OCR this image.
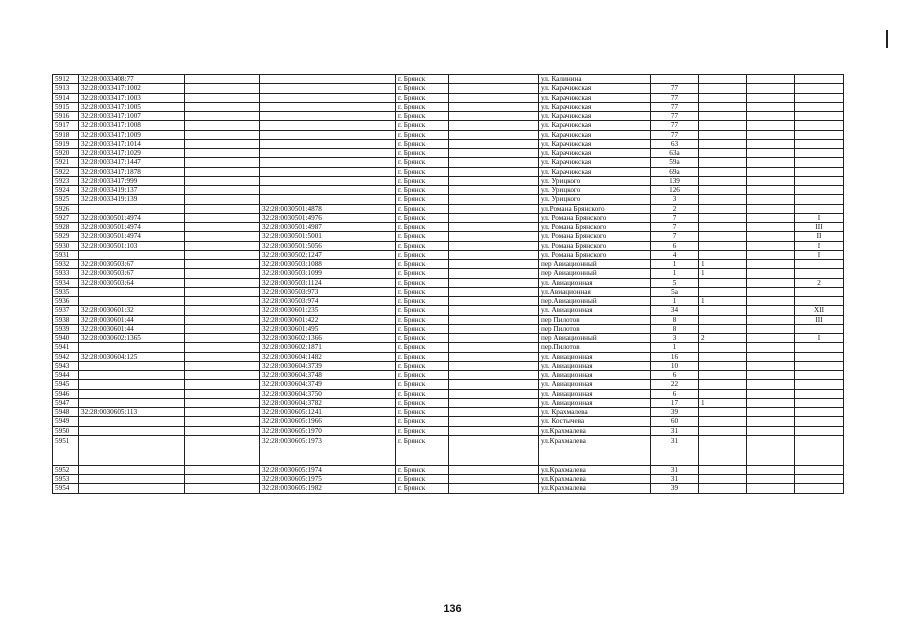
5912	32:28:0033408:77			г. Брянск		ул. Калинина				
5913	32:28:0033417:1002			г. Брянск		ул. Карачижская	77			
5914	32:28:0033417:1003			г. Брянск		ул. Карачижская	77			
5915	32:28:0033417:1005			г. Брянск		ул. Карачижская	77			
5916	32:28:0033417:1007			г. Брянск		ул. Карачижская	77			
5917	32:28:0033417:1008			г. Брянск		ул. Карачижская	77			
5918	32:28:0033417:1009			г. Брянск		ул. Карачижская	77			
5919	32:28:0033417:1014			г. Брянск		ул. Карачижская	63			
5920	32:28:0033417:1029			г. Брянск		ул. Карачижская	63а			
5921	32:28:0033417:1447			г. Брянск		ул. Карачижская	59а			
5922	32:28:0033417:1878			г. Брянск		ул. Карачижская	69а			
5923	32:28:0033417:999			г. Брянск		ул. Урицкого	139			
5924	32:28:0033419:137			г. Брянск		ул. Урицкого	126			
5925	32:28:0033419:139			г. Брянск		ул. Урицкого	3			
5926			32:28:0030501:4878	г. Брянск		ул.Романа Брянского	2			
5927	32:28:0030501:4974		32:28:0030501:4976	г. Брянск		ул. Романа Брянского	7			I
5928	32:28:0030501:4974		32:28:0030501:4987	г. Брянск		ул. Романа Брянского	7			III
5929	32:28:0030501:4974		32:28:0030501:5001	г. Брянск		ул. Романа Брянского	7			II
5930	32:28:0030501:103		32:28:0030501:5056	г. Брянск		ул. Романа Брянского	6			I
5931			32:28:0030502:1247	г. Брянск		ул. Романа Брянского	4			I
5932	32:28:0030503:67		32:28:0030503:1088	г. Брянск		пер Авиационный	1	1		
5933	32:28:0030503:67		32:28:0030503:1099	г. Брянск		пер Авиационный	1	1		
5934	32:28:0030503:64		32:28:0030503:1124	г. Брянск		ул. Авиационная	5			2
5935			32:28:0030503:973	г. Брянск		ул.Авиационная	5а			
5936			32:28:0030503:974	г. Брянск		пер.Авиационный	1	1		
5937	32:28:0030601:32		32:28:0030601:235	г. Брянск		ул. Авиационная	34			XII
5938	32:28:0030601:44		32:28:0030601:422	г. Брянск		пер Пилотов	8			III
5939	32:28:0030601:44		32:28:0030601:495	г. Брянск		пер Пилотов	8			
5940	32:28:0030602:1365		32:28:0030602:1366	г. Брянск		пер Авиационный	3	2		I
5941			32:28:0030602:1871	г. Брянск		пер.Пилотов	1			
5942	32:28:0030604:125		32:28:0030604:1482	г. Брянск		ул. Авиационная	16			
5943			32:28:0030604:3739	г. Брянск		ул. Авиационная	10			
5944			32:28:0030604:3748	г. Брянск		ул. Авиационная	6			
5945			32:28:0030604:3749	г. Брянск		ул. Авиационная	22			
5946			32:28:0030604:3750	г. Брянск		ул. Авиационная	6			
5947			32:28:0030604:3782	г. Брянск		ул. Авиационная	17	1		
5948	32:28:0030605:113		32:28:0030605:1241	г. Брянск		ул. Крахмалева	39			
5949			32:28:0030605:1966	г. Брянск		ул. Костычева	60			
5950			32:28:0030605:1970	г. Брянск		ул.Крахмалева	31			
5951			32:28:0030605:1973	г. Брянск		ул.Крахмалева	31			
5952			32:28:0030605:1974	г. Брянск		ул.Крахмалева	31			
5953			32:28:0030605:1975	г. Брянск		ул.Крахмалева	31			
5954			32:28:0030605:1982	г. Брянск		ул.Крахмалева	39			
136
